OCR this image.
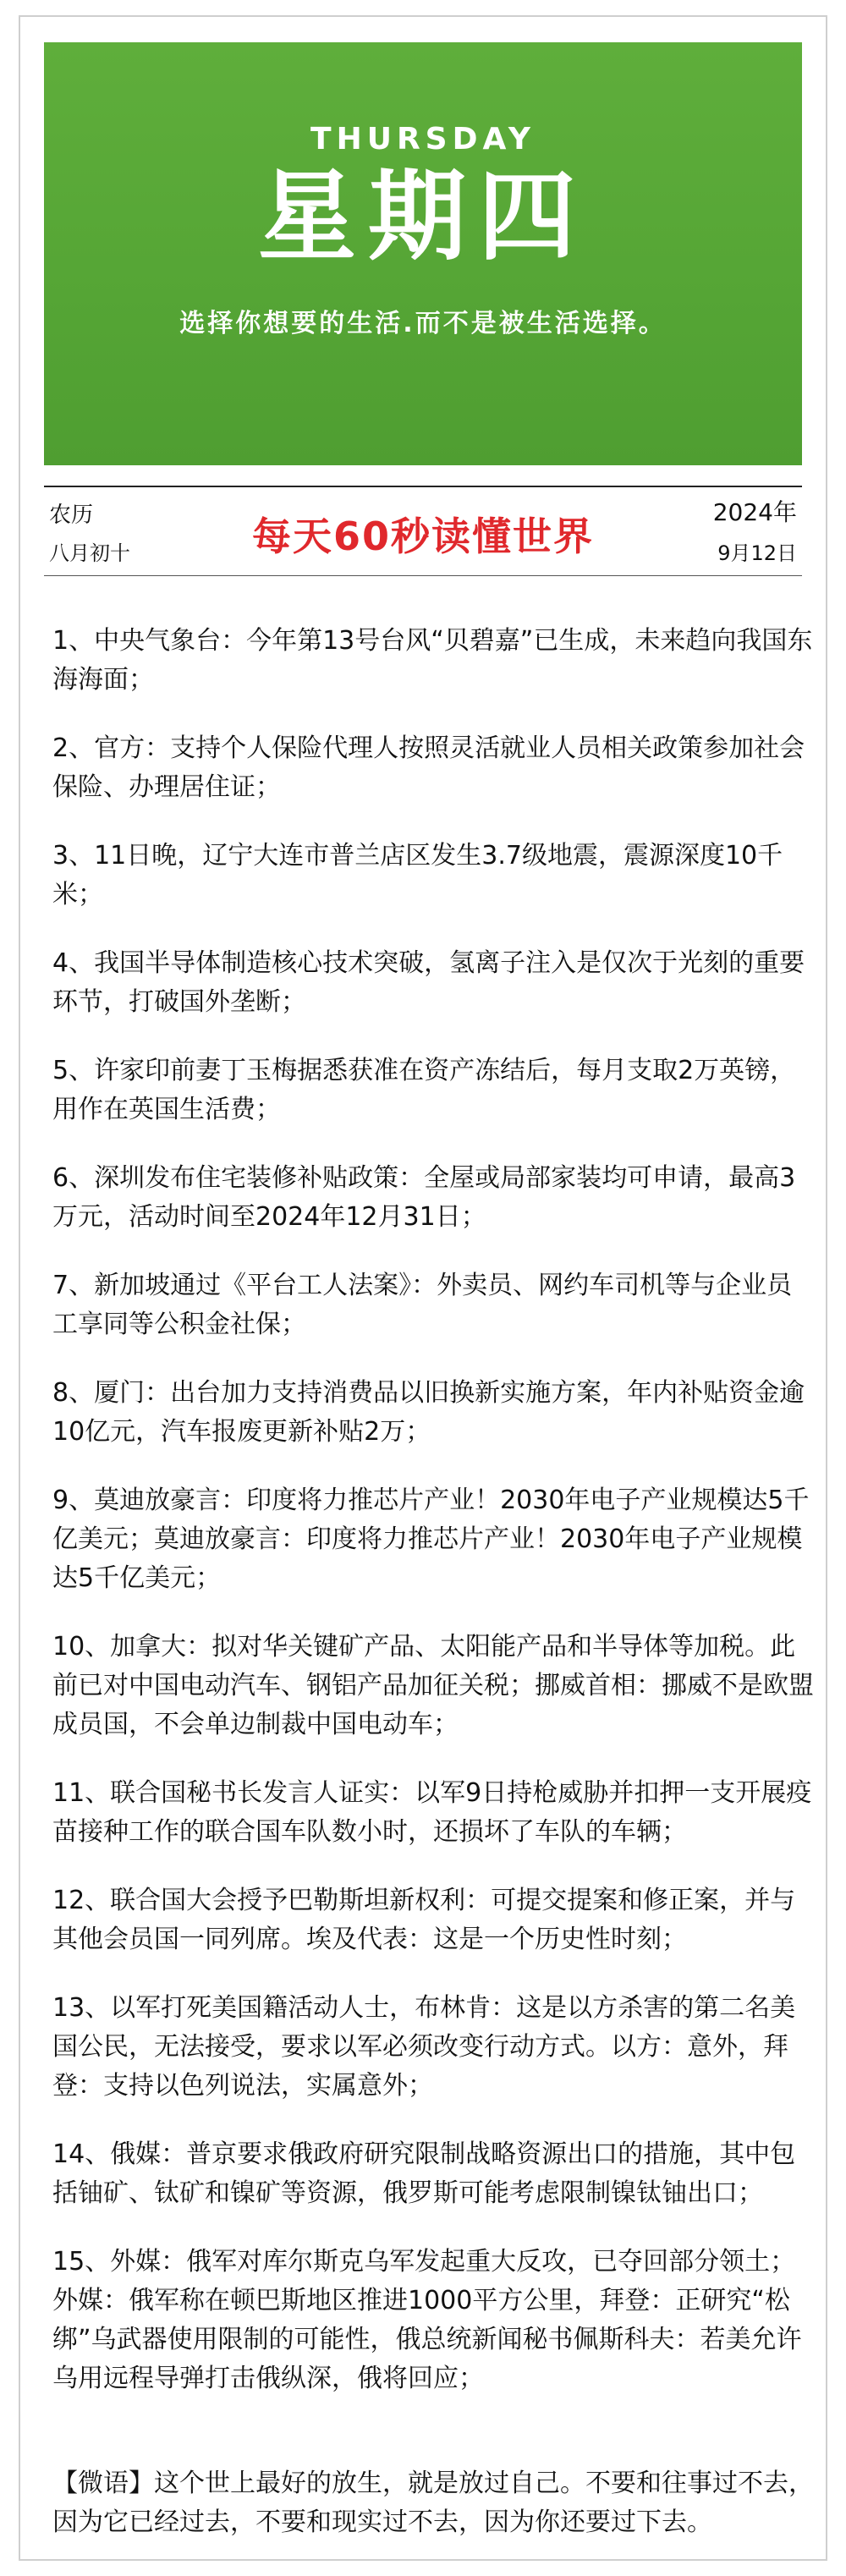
THURSDAY
星期四
选择你想要的生活.而不是被生活选择。
农历
八月初十	每天60秒读懂世界
2024年
9月12日
1、中央气象台：今年第13号台风“贝碧嘉”已生成，未来趋向我国东海海面；
2、官方：支持个人保险代理人按照灵活就业人员相关政策参加社会保险、办理居住证；
3、11日晚，辽宁大连市普兰店区发生3.7级地震，震源深度10千米；
4、我国半导体制造核心技术突破，氢离子注入是仅次于光刻的重要环节，打破国外垄断；
5、许家印前妻丁玉梅据悉获准在资产冻结后，每月支取2万英镑，用作在英国生活费；
6、深圳发布住宅装修补贴政策：全屋或局部家装均可申请，最高3万元，活动时间至2024年12月31日；
7、新加坡通过《平台工人法案》：外卖员、网约车司机等与企业员工享同等公积金社保；
8、厦门：出台加力支持消费品以旧换新实施方案，年内补贴资金逾10亿元，汽车报废更新补贴2万；
9、莫迪放豪言：印度将力推芯片产业！2030年电子产业规模达5千亿美元；莫迪放豪言：印度将力推芯片产业！2030年电子产业规模达5千亿美元；
10、加拿大：拟对华关键矿产品、太阳能产品和半导体等加税。此前已对中国电动汽车、钢铝产品加征关税；挪威首相：挪威不是欧盟成员国，不会单边制裁中国电动车；
11、联合国秘书长发言人证实：以军9日持枪威胁并扣押一支开展疫苗接种工作的联合国车队数小时，还损坏了车队的车辆；
12、联合国大会授予巴勒斯坦新权利：可提交提案和修正案，并与其他会员国一同列席。埃及代表：这是一个历史性时刻；
13、以军打死美国籍活动人士，布林肯：这是以方杀害的第二名美国公民，无法接受，要求以军必须改变行动方式。以方：意外，拜登：支持以色列说法，实属意外；
14、俄媒：普京要求俄政府研究限制战略资源出口的措施，其中包括铀矿、钛矿和镍矿等资源，俄罗斯可能考虑限制镍钛铀出口；
15、外媒：俄军对库尔斯克乌军发起重大反攻，已夺回部分领土；外媒：俄军称在顿巴斯地区推进1000平方公里，拜登：正研究“松绑”乌武器使用限制的可能性，俄总统新闻秘书佩斯科夫：若美允许乌用远程导弹打击俄纵深，俄将回应；
【微语】这个世上最好的放生，就是放过自己。不要和往事过不去，因为它已经过去，不要和现实过不去，因为你还要过下去。
